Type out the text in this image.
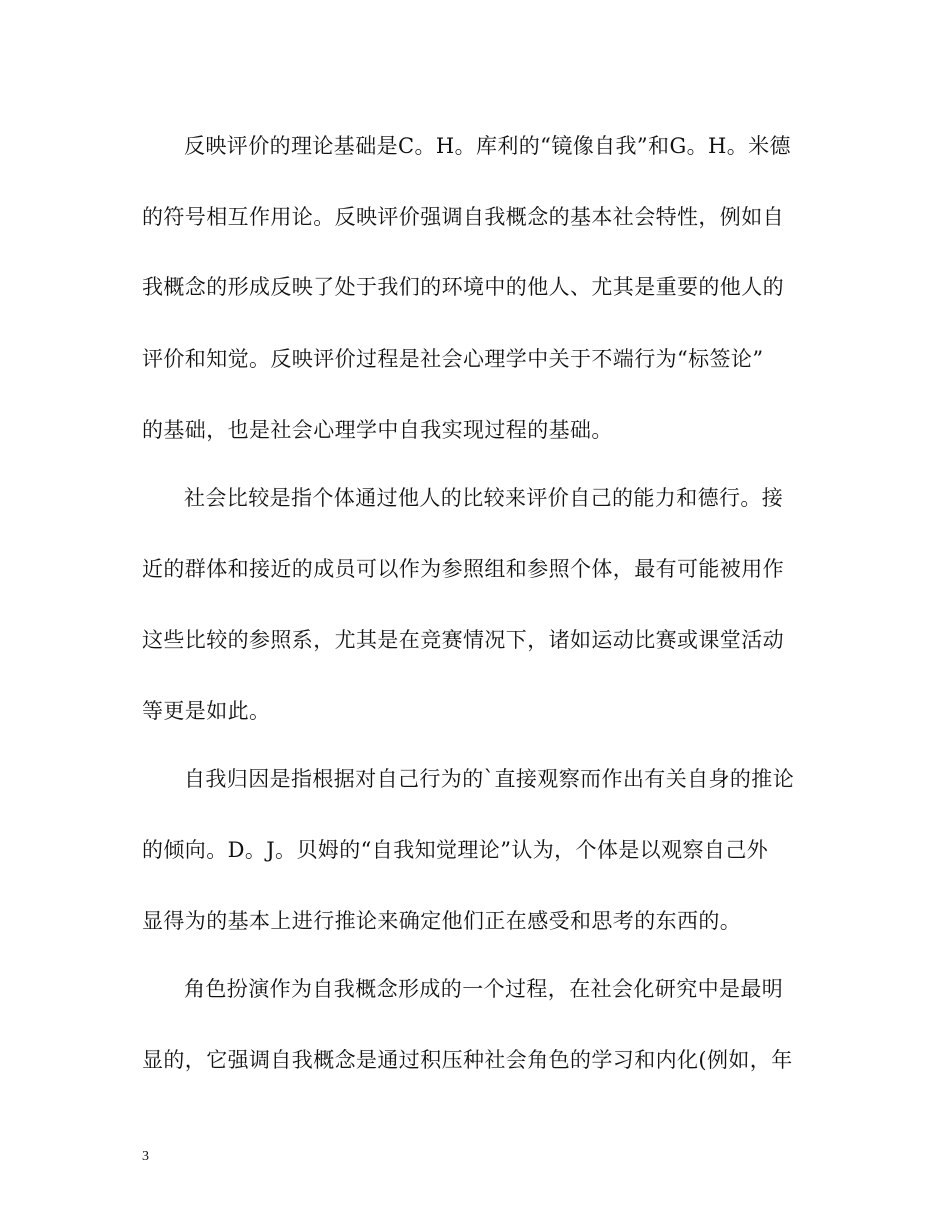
反映评价的理论基础是C。H。库利的“镜像自我”和G。H。米德
的符号相互作用论。反映评价强调自我概念的基本社会特性，例如自
我概念的形成反映了处于我们的环境中的他人、尤其是重要的他人的
评价和知觉。反映评价过程是社会心理学中关于不端行为“标签论”
的基础，也是社会心理学中自我实现过程的基础。
社会比较是指个体通过他人的比较来评价自己的能力和德行。接
近的群体和接近的成员可以作为参照组和参照个体，最有可能被用作
这些比较的参照系，尤其是在竞赛情况下，诸如运动比赛或课堂活动
等更是如此。
自我归因是指根据对自己行为的`直接观察而作出有关自身的推论
的倾向。D。J。贝姆的“自我知觉理论”认为，个体是以观察自己外
显得为的基本上进行推论来确定他们正在感受和思考的东西的。
角色扮演作为自我概念形成的一个过程，在社会化研究中是最明
显的，它强调自我概念是通过积压种社会角色的学习和内化(例如，年
3
